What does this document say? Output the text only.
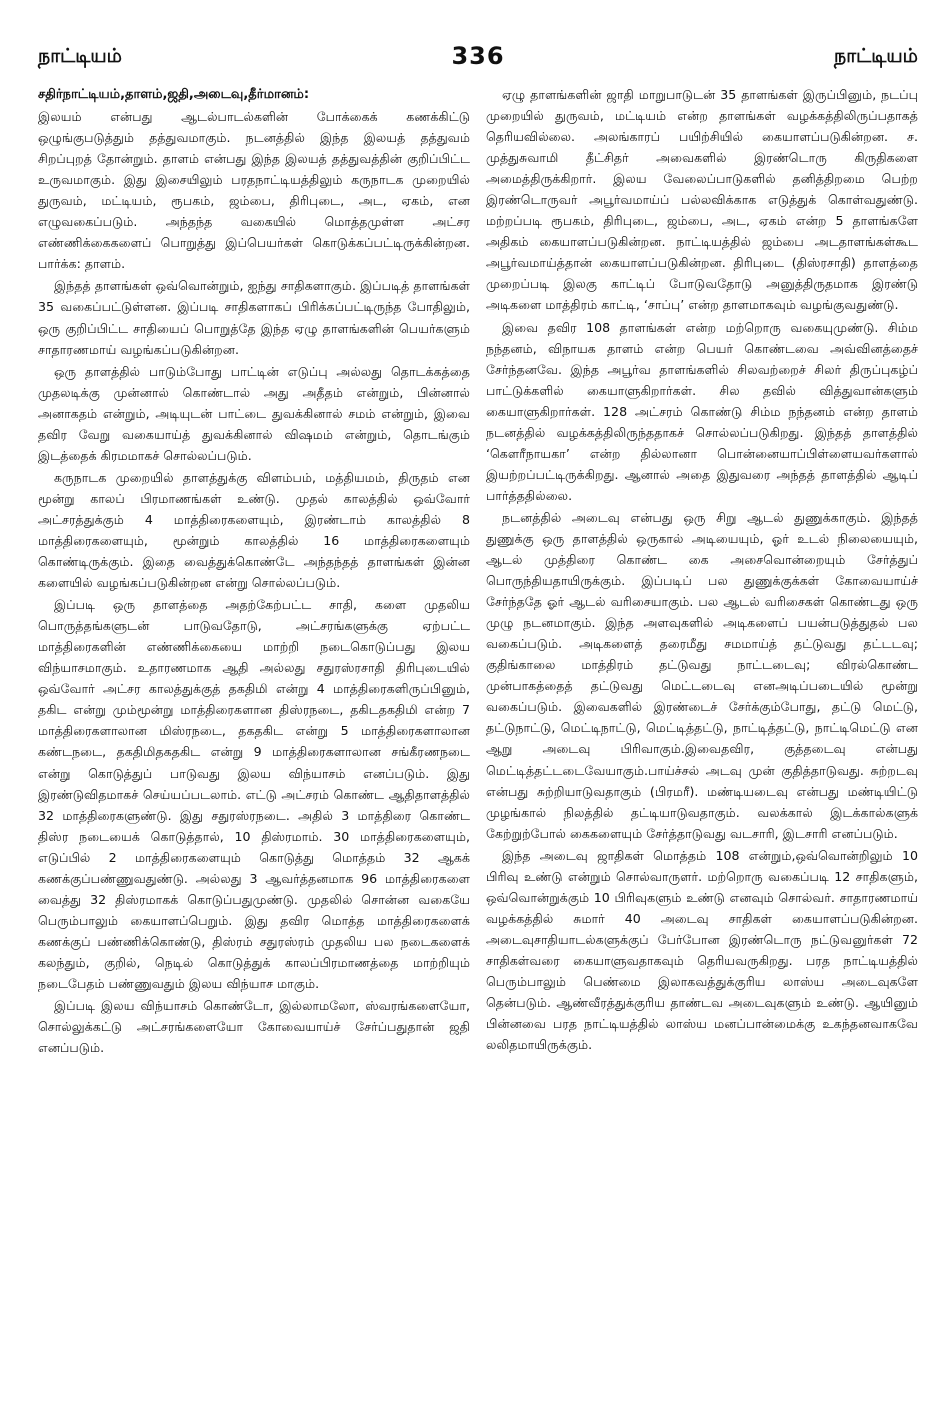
நாட்டியம்	336	நாட்டியம்

சதிர்நாட்டியம்,தாளம்,ஜதி,அடைவு,தீர்மானம்:

இலயம் என்பது ஆடல்பாடல்களின் போக்கைக் கணக்கிட்டு ஒழுங்குபடுத்தும் தத்துவமாகும். நடனத்தில் இந்த இலயத் தத்துவம் சிறப்புறத் தோன்றும். தாளம் என்பது இந்த இலயத் தத்துவத்தின் குறிப்பிட்ட உருவமாகும். இது இசையிலும் பரதநாட்டியத்திலும் கருநாடக முறையில் துருவம், மட்டியம், ரூபகம், ஜம்பை, திரிபுடை, அட, ஏகம், என எழுவகைப்படும். அந்தந்த வகையில் மொத்தமுள்ள அட்சர எண்ணிக்கைகளைப் பொறுத்து இப்பெயர்கள் கொடுக்கப்பட்டிருக்கின்றன. பார்க்க: தாளம்.

இந்தத் தாளங்கள் ஒவ்வொன்றும், ஐந்து சாதிகளாகும். இப்படித் தாளங்கள் 35 வகைப்பட்டுள்ளன. இப்படி சாதிகளாகப் பிரிக்கப்பட்டிருந்த போதிலும், ஒரு குறிப்பிட்ட சாதியைப் பொறுத்தே இந்த ஏழு தாளங்களின் பெயர்களும் சாதாரணமாய் வழங்கப்படுகின்றன.

ஒரு தாளத்தில் பாடும்போது பாட்டின் எடுப்பு அல்லது தொடக்கத்தை முதலடிக்கு முன்னால் கொண்டால் அது அதீதம் என்றும், பின்னால் அனாகதம் என்றும், அடியுடன் பாட்டை துவக்கினால் சமம் என்றும், இவை தவிர வேறு வகையாய்த் துவக்கினால் விஷமம் என்றும், தொடங்கும் இடத்தைக் கிரமமாகச் சொல்லப்படும்.

கருநாடக முறையில் தாளத்துக்கு விளம்பம், மத்தியமம், திருதம் என மூன்று காலப் பிரமாணங்கள் உண்டு. முதல் காலத்தில் ஒவ்வோர் அட்சரத்துக்கும் 4 மாத்திரைகளையும், இரண்டாம் காலத்தில் 8 மாத்திரைகளையும், மூன்றும் காலத்தில் 16 மாத்திரைகளையும் கொண்டிருக்கும். இதை வைத்துக்கொண்டே அந்தந்தத் தாளங்கள் இன்ன களையில் வழங்கப்படுகின்றன என்று சொல்லப்படும்.

இப்படி ஒரு தாளத்தை அதற்கேற்பட்ட சாதி, களை முதலிய பொருத்தங்களுடன் பாடுவதோடு, அட்சரங்களுக்கு ஏற்பட்ட மாத்திரைகளின் எண்ணிக்கையை மாற்றி நடைகொடுப்பது இலய விந்யாசமாகும். உதாரணமாக ஆதி அல்லது சதுரஸ்ரசாதி திரிபுடையில் ஒவ்வோர் அட்சர காலத்துக்குத் தகதிமி என்று 4 மாத்திரைகளிருப்பினும், தகிட என்று மும்மூன்று மாத்திரைகளான திஸ்ரநடை, தகிடதகதிமி என்ற 7 மாத்திரைகளாலான மிஸ்ரநடை, தகதகிட என்று 5 மாத்திரைகளாலான கண்டநடை, தகதிமிதகதகிட என்று 9 மாத்திரைகளாலான சங்கீரணநடை என்று கொடுத்துப் பாடுவது இலய விந்யாசம் எனப்படும். இது இரண்டுவிதமாகச் செய்யப்படலாம். எட்டு அட்சரம் கொண்ட ஆதிதாளத்தில் 32 மாத்திரைகளுண்டு. இது சதுரஸ்ரநடை. அதில் 3 மாத்திரை கொண்ட திஸ்ர நடையைக் கொடுத்தால், 10 திஸ்ரமாம். 30 மாத்திரைகளையும், எடுப்பில் 2 மாத்திரைகளையும் கொடுத்து மொத்தம் 32 ஆகக் கணக்குப்பண்ணுவதுண்டு. அல்லது 3 ஆவர்த்தனமாக 96 மாத்திரைகளை வைத்து 32 திஸ்ரமாகக் கொடுப்பதுமுண்டு. முதலில் சொன்ன வகையே பெரும்பாலும் கையாளப்பெறும். இது தவிர மொத்த மாத்திரைகளைக் கணக்குப் பண்ணிக்கொண்டு, திஸ்ரம் சதுரஸ்ரம் முதலிய பல நடைகளைக் கலந்தும், குறில், நெடில் கொடுத்துக் காலப்பிரமாணத்தை மாற்றியும் நடைபேதம் பண்ணுவதும் இலய விந்யாச மாகும்.

இப்படி இலய விந்யாசம் கொண்டோ, இல்லாமலோ, ஸ்வரங்களையோ, சொல்லுக்கட்டு அட்சரங்களையோ கோவையாய்ச் சேர்ப்பதுதான் ஜதி எனப்படும்.

ஏழு தாளங்களின் ஜாதி மாறுபாடுடன் 35 தாளங்கள் இருப்பினும், நடப்பு முறையில் துருவம், மட்டியம் என்ற தாளங்கள் வழக்கத்திலிருப்பதாகத் தெரியவில்லை. அலங்காரப் பயிற்சியில் கையாளப்படுகின்றன. ச. முத்துசுவாமி தீட்சிதர் அவைகளில் இரண்டொரு கிருதிகளை அமைத்திருக்கிறார். இலய வேலைப்பாடுகளில் தனித்திறமை பெற்ற இரண்டொருவர் அபூர்வமாய்ப் பல்லவிக்காக எடுத்துக் கொள்வதுண்டு. மற்றப்படி ரூபகம், திரிபுடை, ஜம்பை, அட, ஏகம் என்ற 5 தாளங்களே அதிகம் கையாளப்படுகின்றன. நாட்டியத்தில் ஜம்பை அடதாளங்கள்கூட அபூர்வமாய்த்தான் கையாளப்படுகின்றன. திரிபுடை (திஸ்ரசாதி) தாளத்தை முறைப்படி இலகு காட்டிப் போடுவதோடு அனுத்திருதமாக இரண்டு அடிகளை மாத்திரம் காட்டி, ‘சாப்பு’ என்ற தாளமாகவும் வழங்குவதுண்டு.

இவை தவிர 108 தாளங்கள் என்ற மற்றொரு வகையுமுண்டு. சிம்ம நந்தனம், விநாயக தாளம் என்ற பெயர் கொண்டவை அவ்வினத்தைச் சேர்ந்தனவே. இந்த அபூர்வ தாளங்களில் சிலவற்றைச் சிலர் திருப்புகழ்ப் பாட்டுக்களில் கையாளுகிறார்கள். சில தவில் வித்துவான்களும் கையாளுகிறார்கள். 128 அட்சரம் கொண்டு சிம்ம நந்தனம் என்ற தாளம் நடனத்தில் வழக்கத்திலிருந்ததாகச் சொல்லப்படுகிறது. இந்தத் தாளத்தில் ‘கௌரீநாயகா’ என்ற தில்லானா பொன்னையாப்பிள்ளையவர்களால் இயற்றப்பட்டிருக்கிறது. ஆனால் அதை இதுவரை அந்தத் தாளத்தில் ஆடிப் பார்த்ததில்லை.

நடனத்தில் அடைவு என்பது ஒரு சிறு ஆடல் துணுக்காகும். இந்தத் துணுக்கு ஒரு தாளத்தில் ஒருகால் அடியையும், ஓர் உடல் நிலையையும், ஆடல் முத்திரை கொண்ட கை அசைவொன்றையும் சேர்த்துப் பொருந்தியதாயிருக்கும். இப்படிப் பல துணுக்குக்கள் கோவையாய்ச் சேர்ந்ததே ஓர் ஆடல் வரிசையாகும். பல ஆடல் வரிசைகள் கொண்டது ஒரு முழு நடனமாகும். இந்த அளவுகளில் அடிகளைப் பயன்படுத்துதல் பல வகைப்படும். அடிகளைத் தரைமீது சமமாய்த் தட்டுவது தட்டடவு; குதிங்காலை மாத்திரம் தட்டுவது நாட்டடைவு; விரல்கொண்ட முன்பாகத்தைத் தட்டுவது மெட்டடைவு எனஅடிப்படையில் மூன்று வகைப்படும். இவைகளில் இரண்டைச் சேர்க்கும்போது, தட்டு மெட்டு, தட்டுநாட்டு, மெட்டிநாட்டு, மெட்டித்தட்டு, நாட்டித்தட்டு, நாட்டிமெட்டு என ஆறு அடைவு பிரிவாகும்.இவைதவிர, குத்தடைவு என்பது மெட்டித்தட்டடைவேயாகும்.பாய்ச்சல் அடவு முன் குதித்தாடுவது. சுற்றடவு என்பது சுற்றியாடுவதாகும் (பிரமரீ). மண்டியடைவு என்பது மண்டியிட்டு முழங்கால் நிலத்தில் தட்டியாடுவதாகும். வலக்கால் இடக்கால்களுக் கேற்றுற்போல் கைகளையும் சேர்த்தாடுவது வடசாரி, இடசாரி எனப்படும்.

இந்த அடைவு ஜாதிகள் மொத்தம் 108 என்றும்,ஒவ்வொன்றிலும் 10 பிரிவு உண்டு என்றும் சொல்வாருளர். மற்றொரு வகைப்படி 12 சாதிகளும், ஒவ்வொன்றுக்கும் 10 பிரிவுகளும் உண்டு எனவும் சொல்வர். சாதாரணமாய் வழக்கத்தில் சுமார் 40 அடைவு சாதிகள் கையாளப்படுகின்றன. அடைவுசாதியாடல்களுக்குப் பேர்போன இரண்டொரு நட்டுவனுர்கள் 72 சாதிகள்வரை கையாளுவதாகவும் தெரியவருகிறது. பரத நாட்டியத்தில் பெரும்பாலும் பெண்மை இலாகவத்துக்குரிய லாஸ்ய அடைவுகளே தென்படும். ஆண்வீரத்துக்குரிய தாண்டவ அடைவுகளும் உண்டு. ஆயினும் பின்னவை பரத நாட்டியத்தில் லாஸ்ய மனப்பான்மைக்கு உகந்தனவாகவே லலிதமாயிருக்கும்.
